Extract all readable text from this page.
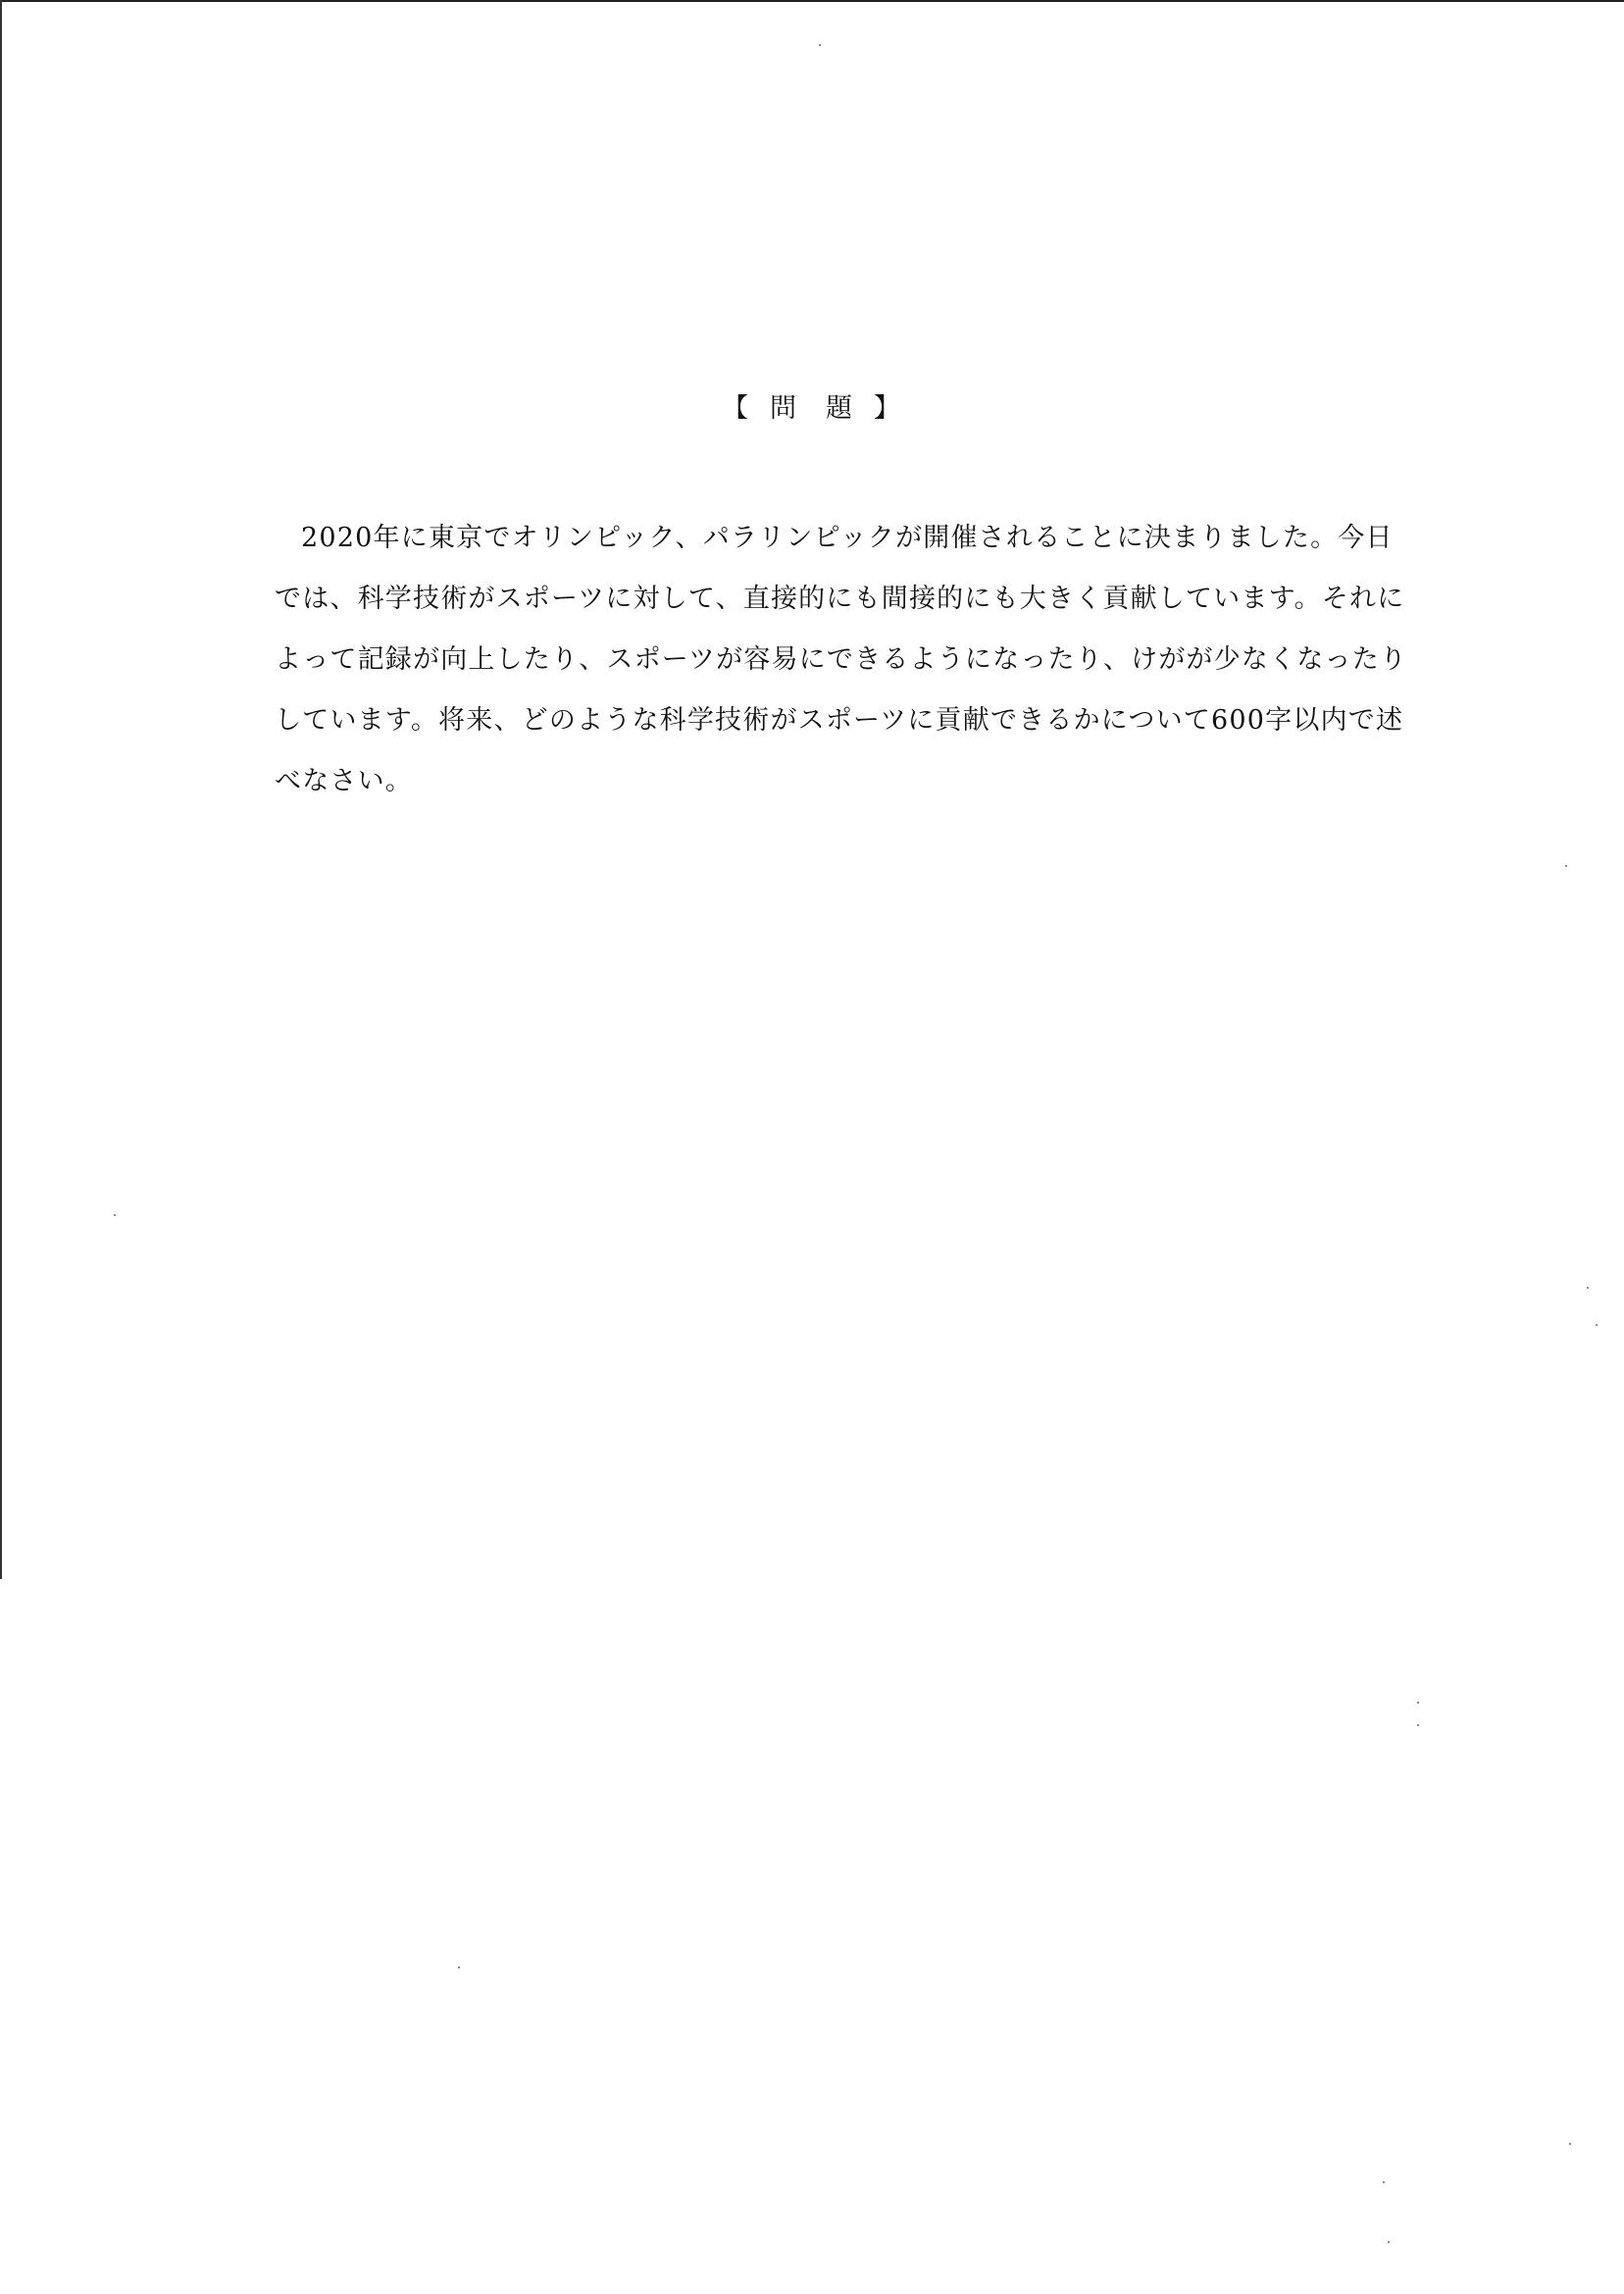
【 問 題 】
2020年に東京でオリンピック、パラリンピックが開催されることに決まりました。今日
では、科学技術がスポーツに対して、直接的にも間接的にも大きく貢献しています。それに
よって記録が向上したり、スポーツが容易にできるようになったり、けがが少なくなったり
しています。将来、どのような科学技術がスポーツに貢献できるかについて600字以内で述
べなさい。
